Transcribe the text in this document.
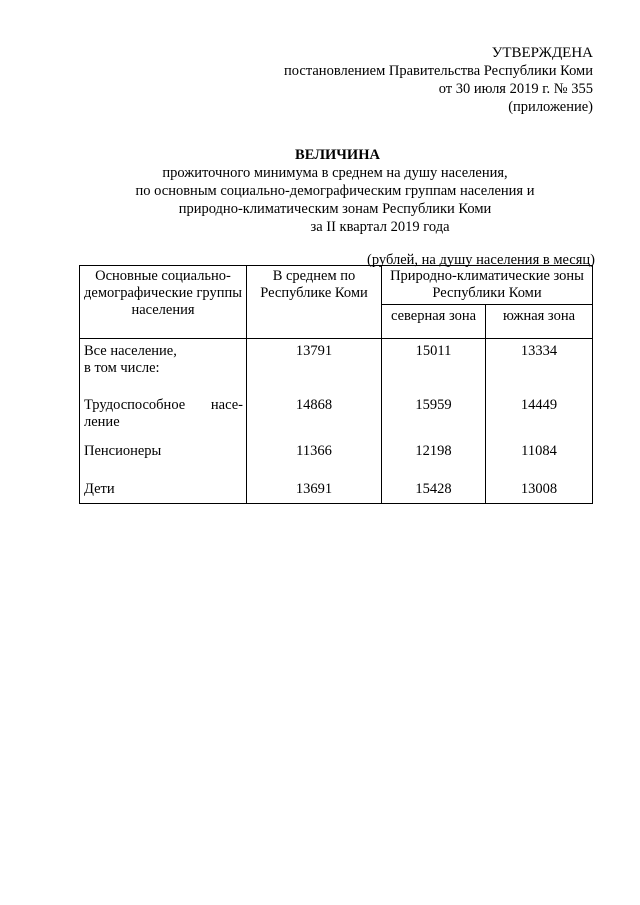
УТВЕРЖДЕНА
постановлением Правительства Республики Коми
от 30 июля 2019 г. № 355
(приложение)
ВЕЛИЧИНА
прожиточного минимума в среднем на душу населения,
по основным социально-демографическим группам населения и
природно-климатическим зонам Республики Коми
за II квартал 2019 года
(рублей, на душу населения в месяц)
Основные социально-демографические группы населения	В среднем по Республике Коми	Природно-климатические зоны Республики Коми	
		северная зона	южная зона

Все население,
в том числе:	13791	15011	13334

Трудоспособное насе-
ление	14868	15959	14449

Пенсионеры	11366	12198	11084

Дети	13691	15428	13008
